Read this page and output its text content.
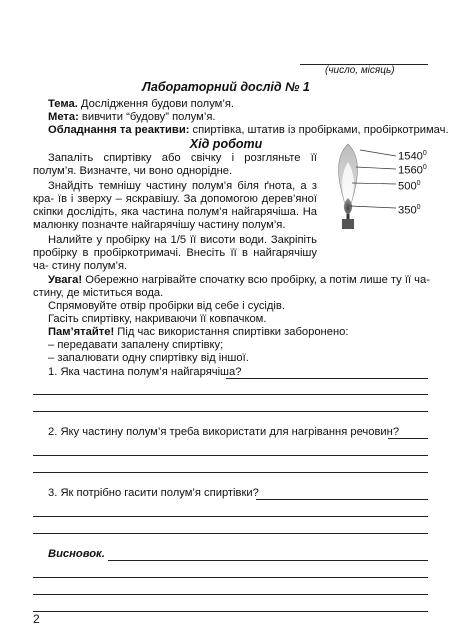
(число, місяць)
Лабораторний дослід № 1
Тема. Дослідження будови полум’я.
Мета: вивчити “будову” полум’я.
Обладнання та реактиви: спиртівка, штатив із пробірками, пробіркотримач.
Хід роботи
Запаліть спиртівку або свічку і розгляньте її полум’я. Визначте, чи воно однорідне.
Знайдіть темнішу частину полум’я біля ґнота, а з кра- їв і зверху – яскравішу. За допомогою дерев’яної скіпки дослідіть, яка частина полум’я найгарячіша. На малюнку позначте найгарячішу частину полум’я.
Налийте у пробірку на 1/5 її висоти води. Закріпіть пробірку в пробіркотримачі. Внесіть її в найгарячішу ча- стину полум’я.
1540$^0$
1560$^0$
$500^0$
$350^0$
Увага! Обережно нагрівайте спочатку всю пробірку, а потім лише ту її ча-
стину, де міститься вода.
Спрямовуйте отвір пробірки від себе і сусідів.
Гасіть спиртівку, накриваючи її ковпачком.
Пам’ятайте! Під час використання спиртівки заборонено:
– передавати запалену спиртівку;
– запалювати одну спиртівку від іншої.
1. Яка частина полум’я найгарячіша?
2. Яку частину полум’я треба використати для нагрівання речовин?
3. Як потрібно гасити полум’я спиртівки?
Висновок.
2
